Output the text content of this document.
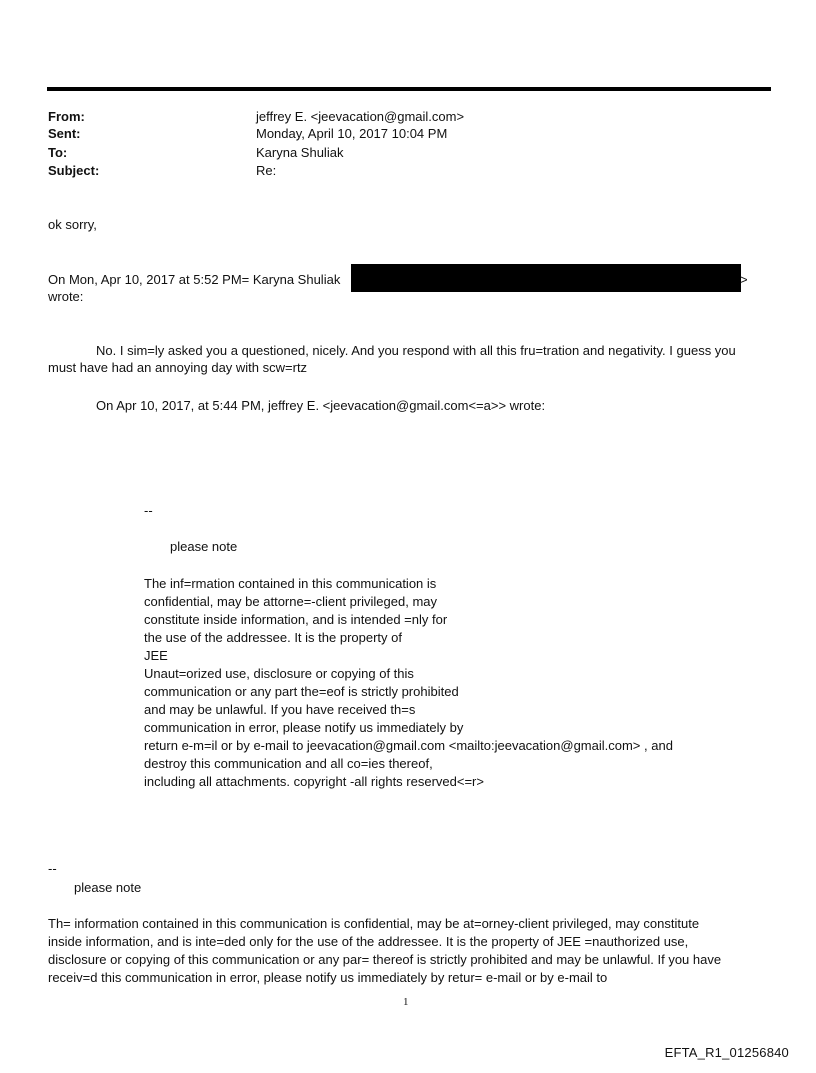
From:	jeffrey E. <jeevacation@gmail.com>
Sent:	Monday, April 10, 2017 10:04 PM
To:	Karyna Shuliak
Subject:	Re:
ok sorry,
On Mon, Apr 10, 2017 at 5:52 PM= Karyna Shuliak	>
wrote:
No. I sim=ly asked you a questioned, nicely. And you respond with all this fru=tration and negativity. I guess you
must have had an annoying day with scw=rtz
On Apr 10, 2017, at 5:44 PM, jeffrey E. <jeevacation@gmail.com<=a>> wrote:
--
please note
The inf=rmation contained in this communication is
confidential, may be attorne=-client privileged, may
constitute inside information, and is intended =nly for
the use of the addressee. It is the property of
JEE
Unaut=orized use, disclosure or copying of this
communication or any part the=eof is strictly prohibited
and may be unlawful. If you have received th=s
communication in error, please notify us immediately by
return e-m=il or by e-mail to jeevacation@gmail.com <mailto:jeevacation@gmail.com> , and
destroy this communication and all co=ies thereof,
including all attachments. copyright -all rights reserved<=r>
--
please note
Th= information contained in this communication is confidential, may be at=orney-client privileged, may constitute
inside information, and is inte=ded only for the use of the addressee. It is the property of JEE =nauthorized use,
disclosure or copying of this communication or any par= thereof is strictly prohibited and may be unlawful. If you have
receiv=d this communication in error, please notify us immediately by retur= e-mail or by e-mail to
1
EFTA_R1_01256840
